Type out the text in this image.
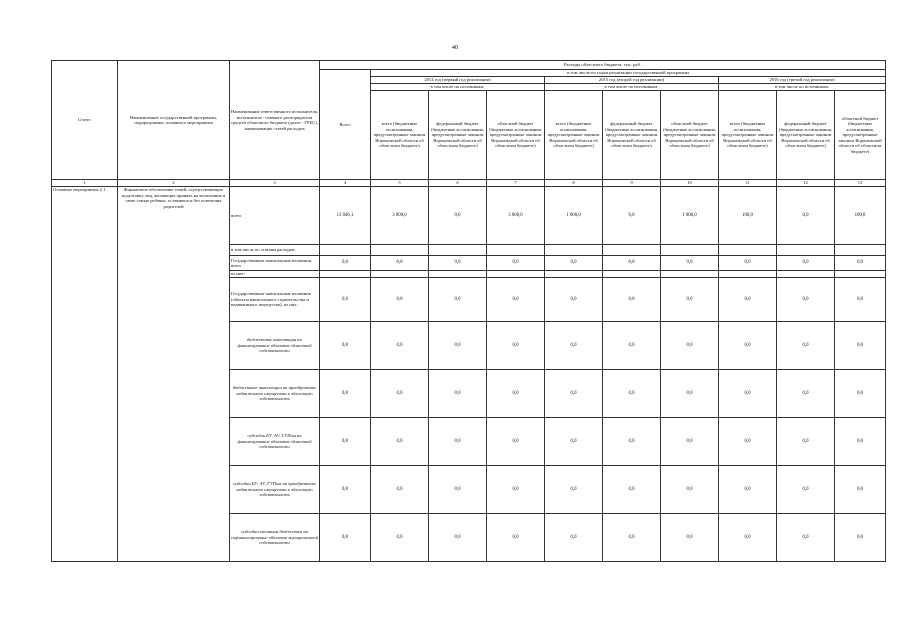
40
Статус	Наименование государственной программы, подпрограммы, основного мероприятия	Наименование ответственного исполнителя, исполнителя - главного распорядителя средств областного бюджета (далее - ГРБС), наименование статей расходов	Расходы областного бюджета, тыс. руб.									
			Всего	в том числе по годам реализации государственной программы								
				2014 год (первый год реализации)			2015 год (второй год реализации)			2016 год (третий год реализации)		
				в том числе по источникам:			в том числе по источникам:			в том числе по источникам:		
				всего (бюджетные ассигнования, предусмотренные законом Воронежской области об областном бюджете)	федеральный бюджет (бюджетные ассигнования, предусмотренные законом Воронежской области об областном бюджете)	областной бюджет (бюджетные ассигнования, предусмотренные законом Воронежской области об областном бюджете)	всего (бюджетные ассигнования, предусмотренные законом Воронежской области об областном бюджете)	федеральный бюджет (бюджетные ассигнования, предусмотренные законом Воронежской области об областном бюджете)	областной бюджет (бюджетные ассигнования, предусмотренные законом Воронежской области об областном бюджете)	всего (бюджетные ассигнования, предусмотренные законом Воронежской области об областном бюджете)	федеральный бюджет (бюджетные ассигнования, предусмотренные законом Воронежской области об областном бюджете)	областной бюджет (бюджетные ассигнования, предусмотренные законом Воронежской области об областном бюджете)
1	2	3	4	5	6	7	8	9	10	11	12	13
Основное мероприятие 2.1	Финансовое обеспечение семей, осуществляющих подготовку лиц, желающих принять на воспитание в свою семью ребенка, оставшегося без попечения родителей	всего	13 046,1	3 000,0	0,0	3 000,0	1 000,0	0,0	1 000,0	100,0	0,0	100,0
		в том числе по статьям расходов:										
		Государственные капитальные вложения, всего	0,0	0,0	0,0	0,0	0,0	0,0	0,0	0,0	0,0	0,0
		из них:										
		Государственные капитальные вложения (объекты капитального строительства и недвижимого имущества), из них:	0,0	0,0	0,0	0,0	0,0	0,0	0,0	0,0	0,0	0,0
		бюджетные инвестиции на финансирование объектов областной собственности	0,0	0,0	0,0	0,0	0,0	0,0	0,0	0,0	0,0	0,0
		бюджетные инвестиции на приобретение недвижимого имущества в областную собственность	0,0	0,0	0,0	0,0	0,0	0,0	0,0	0,0	0,0	0,0
		субсидии БУ, АУ, ГУПам на финансирование объектов областной собственности	0,0	0,0	0,0	0,0	0,0	0,0	0,0	0,0	0,0	0,0
		субсидии БУ, АУ, ГУПам на приобретение недвижимого имущества в областную собственность	0,0	0,0	0,0	0,0	0,0	0,0	0,0	0,0	0,0	0,0
		субсидии местным бюджетам на софинансирование объектов муниципальной собственности	0,0	0,0	0,0	0,0	0,0	0,0	0,0	0,0	0,0	0,0
